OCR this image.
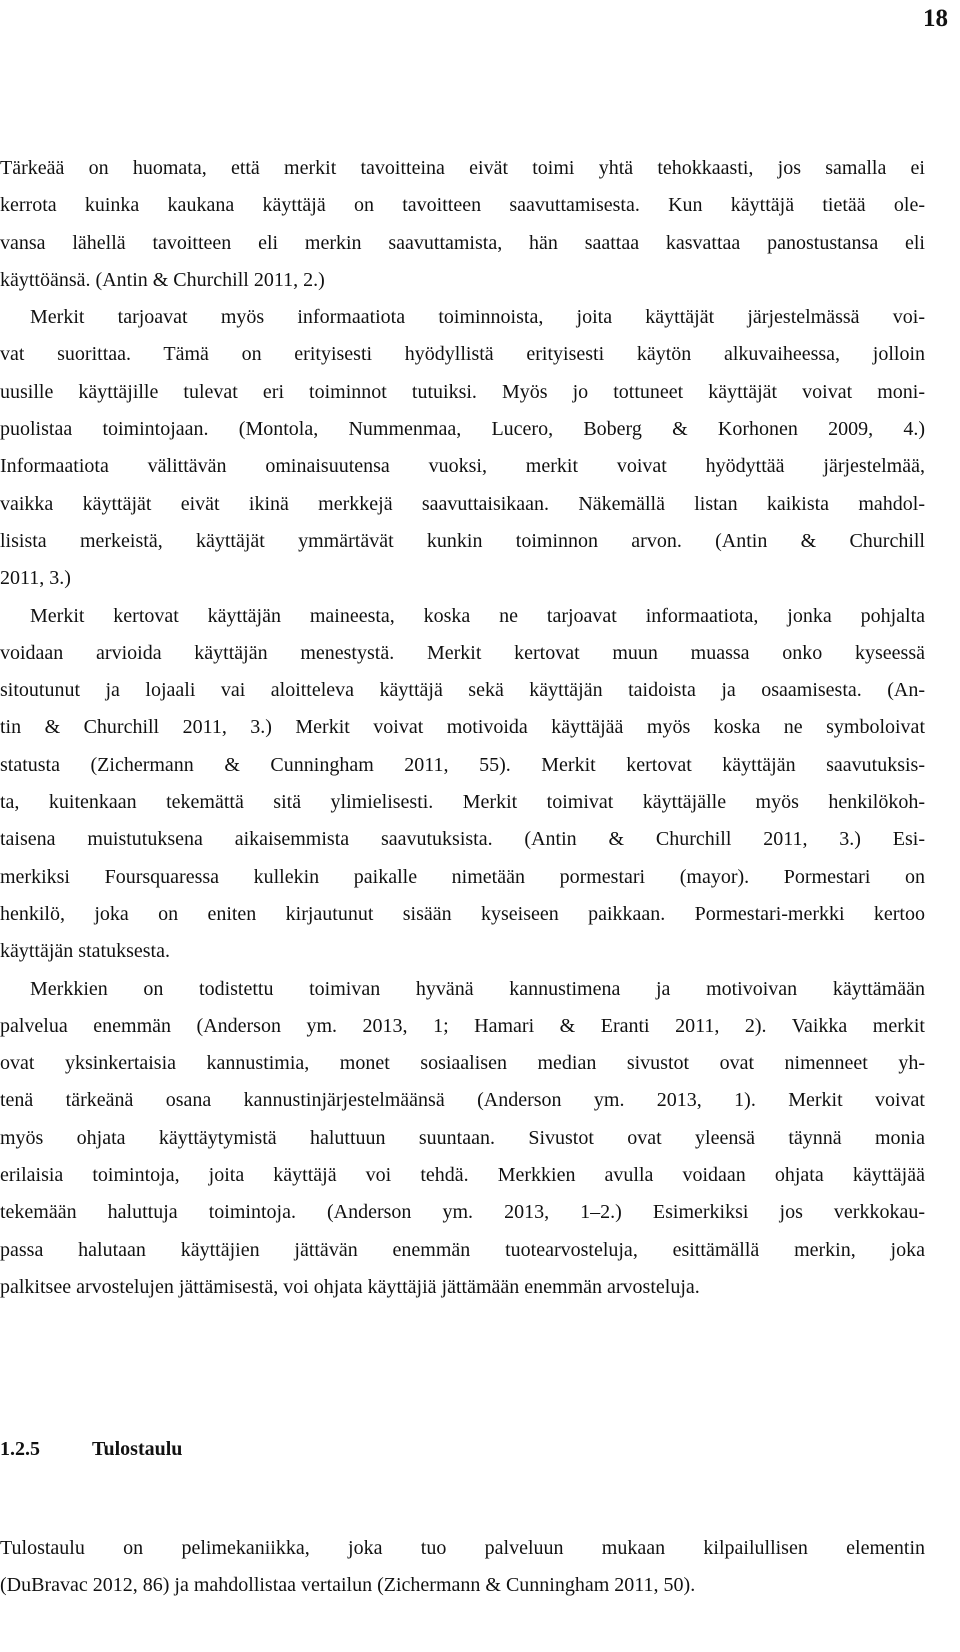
18

Tärkeää on huomata, että merkit tavoitteina eivät toimi yhtä tehokkaasti, jos samalla ei
kerrota kuinka kaukana käyttäjä on tavoitteen saavuttamisesta. Kun käyttäjä tietää ole-
vansa lähellä tavoitteen eli merkin saavuttamista, hän saattaa kasvattaa panostustansa eli
käyttöänsä. (Antin & Churchill 2011, 2.)

Merkit tarjoavat myös informaatiota toiminnoista, joita käyttäjät järjestelmässä voi-
vat suorittaa. Tämä on erityisesti hyödyllistä erityisesti käytön alkuvaiheessa, jolloin
uusille käyttäjille tulevat eri toiminnot tutuiksi. Myös jo tottuneet käyttäjät voivat moni-
puolistaa toimintojaan. (Montola, Nummenmaa, Lucero, Boberg & Korhonen 2009, 4.)
Informaatiota välittävän ominaisuutensa vuoksi, merkit voivat hyödyttää järjestelmää,
vaikka käyttäjät eivät ikinä merkkejä saavuttaisikaan. Näkemällä listan kaikista mahdol-
lisista merkeistä, käyttäjät ymmärtävät kunkin toiminnon arvon. (Antin & Churchill
2011, 3.)

Merkit kertovat käyttäjän maineesta, koska ne tarjoavat informaatiota, jonka pohjalta
voidaan arvioida käyttäjän menestystä. Merkit kertovat muun muassa onko kyseessä
sitoutunut ja lojaali vai aloitteleva käyttäjä sekä käyttäjän taidoista ja osaamisesta. (An-
tin & Churchill 2011, 3.) Merkit voivat motivoida käyttäjää myös koska ne symboloivat
statusta (Zichermann & Cunningham 2011, 55). Merkit kertovat käyttäjän saavutuksis-
ta, kuitenkaan tekemättä sitä ylimielisesti. Merkit toimivat käyttäjälle myös henkilökoh-
taisena muistutuksena aikaisemmista saavutuksista. (Antin & Churchill 2011, 3.) Esi-
merkiksi Foursquaressa kullekin paikalle nimetään pormestari (mayor). Pormestari on
henkilö, joka on eniten kirjautunut sisään kyseiseen paikkaan. Pormestari-merkki kertoo
käyttäjän statuksesta.

Merkkien on todistettu toimivan hyvänä kannustimena ja motivoivan käyttämään
palvelua enemmän (Anderson ym. 2013, 1; Hamari & Eranti 2011, 2). Vaikka merkit
ovat yksinkertaisia kannustimia, monet sosiaalisen median sivustot ovat nimenneet yh-
tenä tärkeänä osana kannustinjärjestelmäänsä (Anderson ym. 2013, 1). Merkit voivat
myös ohjata käyttäytymistä haluttuun suuntaan. Sivustot ovat yleensä täynnä monia
erilaisia toimintoja, joita käyttäjä voi tehdä. Merkkien avulla voidaan ohjata käyttäjää
tekemään haluttuja toimintoja. (Anderson ym. 2013, 1–2.) Esimerkiksi jos verkkokau-
passa halutaan käyttäjien jättävän enemmän tuotearvosteluja, esittämällä merkin, joka
palkitsee arvostelujen jättämisestä, voi ohjata käyttäjiä jättämään enemmän arvosteluja.

1.2.5	Tulostaulu

Tulostaulu on pelimekaniikka, joka tuo palveluun mukaan kilpailullisen elementin
(DuBravac 2012, 86) ja mahdollistaa vertailun (Zichermann & Cunningham 2011, 50).
